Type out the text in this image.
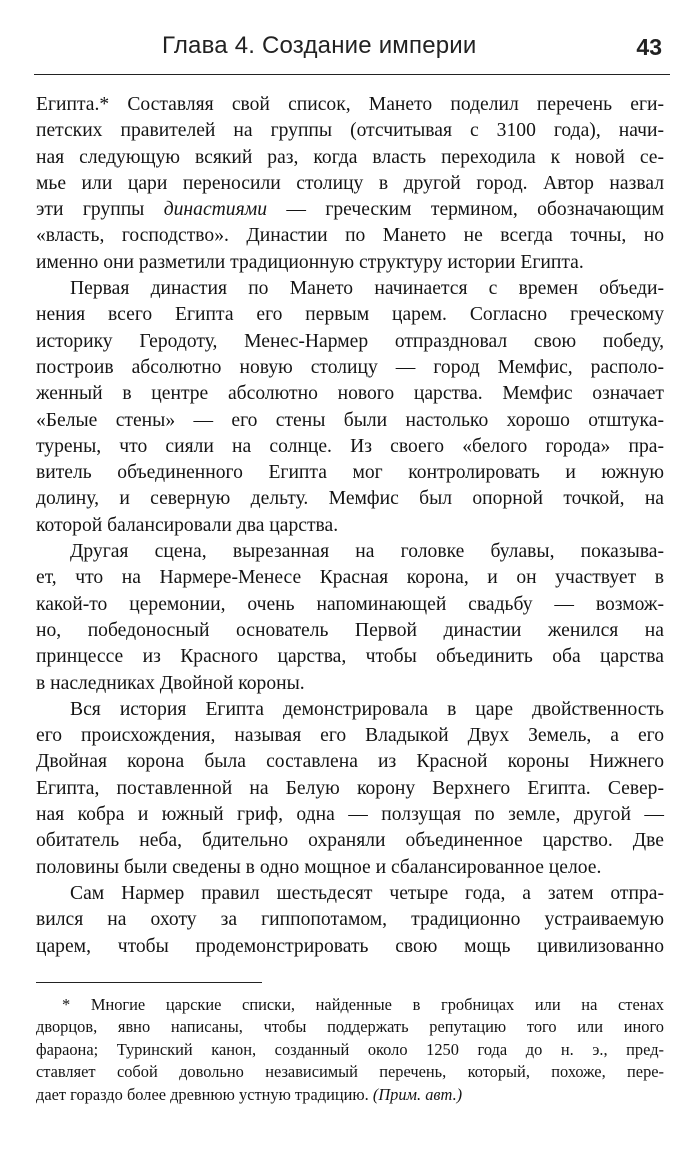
Глава 4. Создание империи	43

Египта.* Составляя свой список, Мането поделил перечень еги-
петских правителей на группы (отсчитывая с 3100 года), начи-
ная следующую всякий раз, когда власть переходила к новой се-
мье или цари переносили столицу в другой город. Автор назвал
эти группы династиями — греческим термином, обозначающим
«власть, господство». Династии по Мането не всегда точны, но
именно они разметили традиционную структуру истории Египта.

Первая династия по Мането начинается с времен объеди-
нения всего Египта его первым царем. Согласно греческому
историку Геродоту, Менес-Нармер отпраздновал свою победу,
построив абсолютно новую столицу — город Мемфис, располо-
женный в центре абсолютно нового царства. Мемфис означает
«Белые стены» — его стены были настолько хорошо отштука-
турены, что сияли на солнце. Из своего «белого города» пра-
витель объединенного Египта мог контролировать и южную
долину, и северную дельту. Мемфис был опорной точкой, на
которой балансировали два царства.

Другая сцена, вырезанная на головке булавы, показыва-
ет, что на Нармере-Менесе Красная корона, и он участвует в
какой-то церемонии, очень напоминающей свадьбу — возмож-
но, победоносный основатель Первой династии женился на
принцессе из Красного царства, чтобы объединить оба царства
в наследниках Двойной короны.

Вся история Египта демонстрировала в царе двойственность
его происхождения, называя его Владыкой Двух Земель, а его
Двойная корона была составлена из Красной короны Нижнего
Египта, поставленной на Белую корону Верхнего Египта. Север-
ная кобра и южный гриф, одна — ползущая по земле, другой —
обитатель неба, бдительно охраняли объединенное царство. Две
половины были сведены в одно мощное и сбалансированное целое.

Сам Нармер правил шестьдесят четыре года, а затем отпра-
вился на охоту за гиппопотамом, традиционно устраиваемую
царем, чтобы продемонстрировать свою мощь цивилизованно

* Многие царские списки, найденные в гробницах или на стенах
дворцов, явно написаны, чтобы поддержать репутацию того или иного
фараона; Туринский канон, созданный около 1250 года до н. э., пред-
ставляет собой довольно независимый перечень, который, похоже, пере-
дает гораздо более древнюю устную традицию. (Прим. авт.)
